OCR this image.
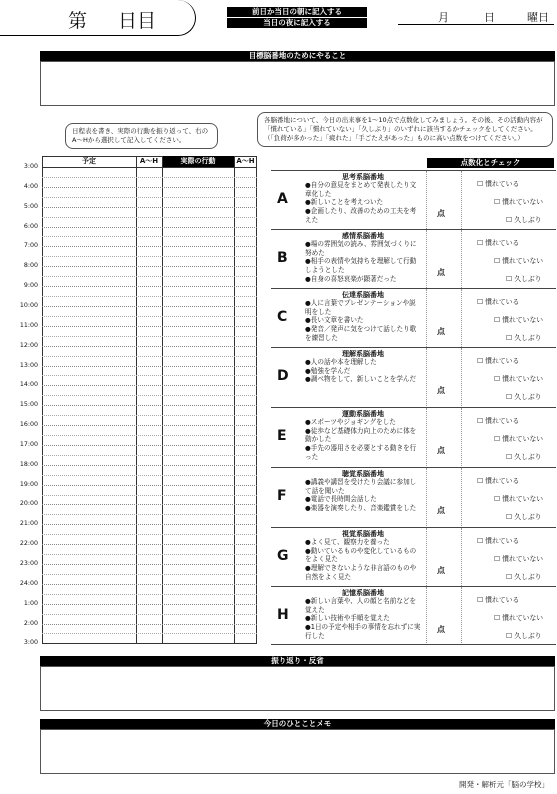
第 日目	前日か当日の朝に記入する
当日の夜に記入する	月	日	曜日
目標脳番地のためにやること
日程表を書き、実際の行動を振り返って、右のA〜Hから選択して記入してください。
各脳番地について、今日の出来事を1〜10点で点数化してみましょう。その後、その活動内容が「慣れている」「慣れていない」「久しぶり」のいずれに該当するかチェックをしてください。（「負荷が多かった」「疲れた」「手ごたえがあった」ものに高い点数をつけてください。）
予定	A〜H	実際の行動	A〜H
3:00
4:00
5:00
6:00
7:00
8:00
9:00
10:00
11:00
12:00
13:00
14:00
15:00
16:00
17:00
18:00
19:00
20:00
21:00
22:00
23:00
24:00
1:00
2:00
3:00
点数化とチェック
A
思考系脳番地
●自分の意見をまとめて発表したり文章化した
●新しいことを考えついた
●企画したり、改善のための工夫を考えた
点
☐ 慣れている
☐ 慣れていない
☐ 久しぶり
B
感情系脳番地
●場の雰囲気の読み、雰囲気づくりに努めた
●相手の表情や気持ちを理解して行動しようとした
●自身の喜怒哀楽が顕著だった
点
☐ 慣れている
☐ 慣れていない
☐ 久しぶり
C
伝達系脳番地
●人に言葉でプレゼンテーションや説明をした
●長い文章を書いた
●発音／発声に気をつけて話したり歌を練習した
点
☐ 慣れている
☐ 慣れていない
☐ 久しぶり
D
理解系脳番地
●人の話や本を理解した
●勉強を学んだ
●調べ物をして、新しいことを学んだ
点
☐ 慣れている
☐ 慣れていない
☐ 久しぶり
E
運動系脳番地
●スポーツやジョギングをした
●徒歩など基礎体力向上のために体を動かした
●手先の器用さを必要とする動きを行った
点
☐ 慣れている
☐ 慣れていない
☐ 久しぶり
F
聴覚系脳番地
●講義や講習を受けたり会議に参加して話を聞いた
●電話で長時間会話した
●楽器を演奏したり、音楽鑑賞をした	点
☐ 慣れている
☐ 慣れていない
☐ 久しぶり
G
視覚系脳番地
●よく見て、観察力を養った
●動いているものや変化しているものをよく見た
●理解できないような非言語のものや自然をよく見た
点
☐ 慣れている
☐ 慣れていない
☐ 久しぶり
H
記憶系脳番地
●新しい言葉や、人の顔と名前などを覚えた
●新しい技術や手順を覚えた
●1日の予定や相手の事情を忘れずに実行した
点
☐ 慣れている
☐ 慣れていない
☐ 久しぶり
振り返り・反省
今日のひとことメモ
開発・解析元「脳の学校」
